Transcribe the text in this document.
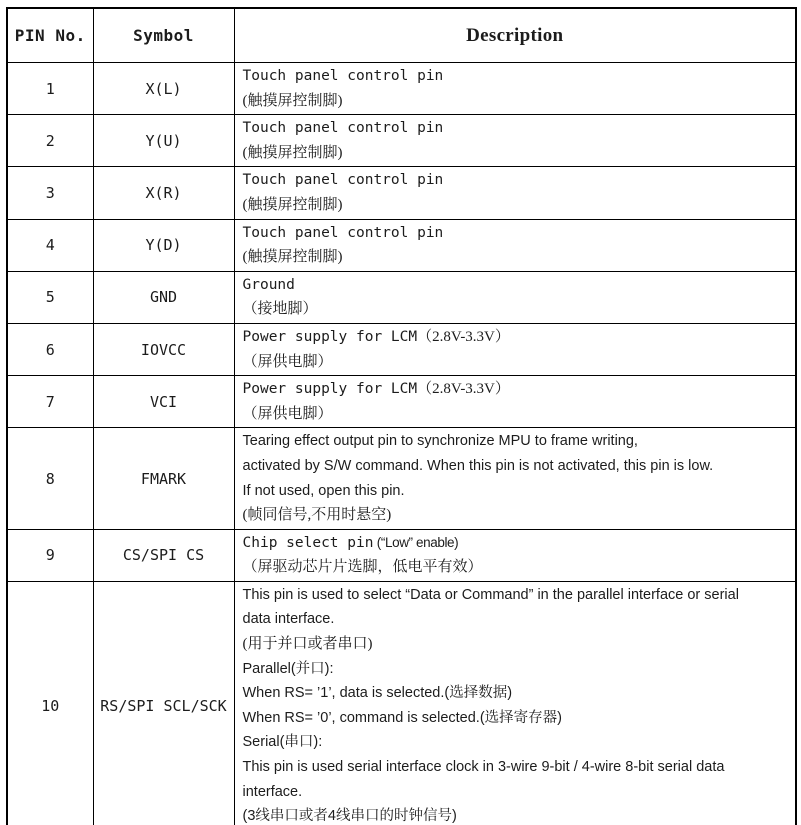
PIN No.	Symbol	Description
1	X(L)	Touch panel control pin
(触摸屏控制脚)

2	Y(U)	Touch panel control pin
(触摸屏控制脚)

3	X(R)	Touch panel control pin
(触摸屏控制脚)

4	Y(D)	Touch panel control pin
(触摸屏控制脚)

5	GND	Ground
（接地脚）

6	IOVCC	Power supply for LCM（2.8V-3.3V）
（屏供电脚）

7	VCI	Power supply for LCM（2.8V-3.3V）
（屏供电脚）

8	FMARK	Tearing effect output pin to synchronize MPU to frame writing,
activated by S/W command. When this pin is not activated, this pin is low.
If not used, open this pin.
(帧同信号,不用时悬空)

9	CS/SPI CS	Chip select pin (“Low” enable)
（屏驱动芯片片选脚，低电平有效）

10	RS/SPI SCL/SCK	
This pin is used to select “Data or Command” in the parallel interface or serial
data interface.
(用于并口或者串口)
Parallel(并口):
When RS= ’1’, data is selected.(选择数据)
When RS= ’0’, command is selected.(选择寄存器)
Serial(串口):
This pin is used serial interface clock in 3-wire 9-bit / 4-wire 8-bit serial data
interface.
(3线串口或者4线串口的时钟信号)
